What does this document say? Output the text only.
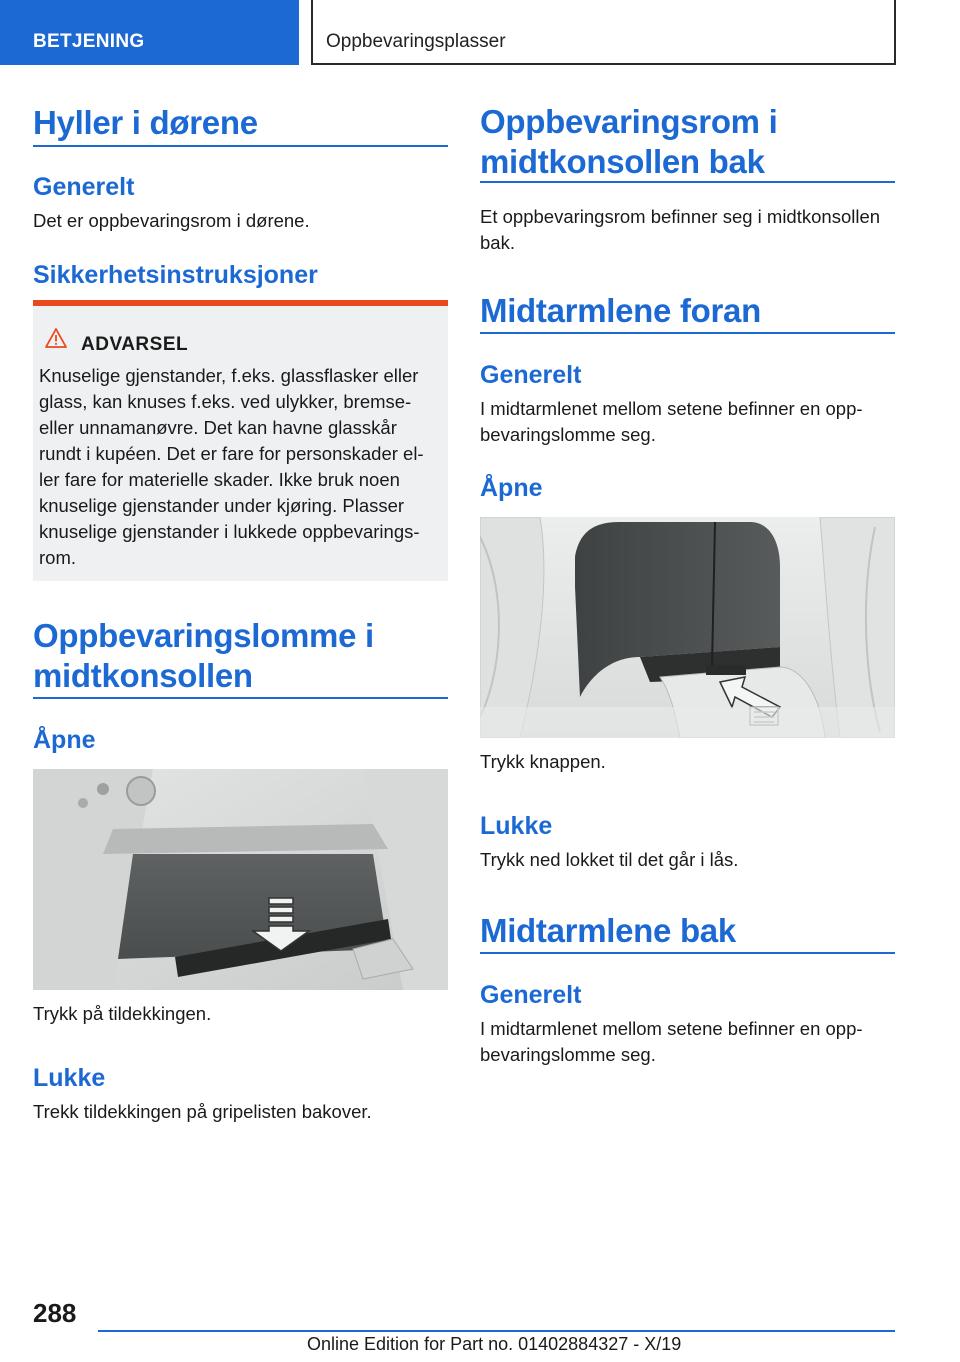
BETJENING	Oppbevaringsplasser
Hyller i dørene
Generelt
Det er oppbevaringsrom i dørene.
Sikkerhetsinstruksjoner
ADVARSEL
Knuselige gjenstander, f.eks. glassflasker eller
glass, kan knuses f.eks. ved ulykker, bremse-
eller unnamanøvre. Det kan havne glasskår
rundt i kupéen. Det er fare for personskader el-
ler fare for materielle skader. Ikke bruk noen
knuselige gjenstander under kjøring. Plasser
knuselige gjenstander i lukkede oppbevarings-
rom.
Oppbevaringslomme i
midtkonsollen
Åpne
Trykk på tildekkingen.
Lukke
Trekk tildekkingen på gripelisten bakover.
Oppbevaringsrom i
midtkonsollen bak
Et oppbevaringsrom befinner seg i midtkonsollen
bak.
Midtarmlene foran
Generelt
I midtarmlenet mellom setene befinner en opp-
bevaringslomme seg.
Åpne
Trykk knappen.
Lukke
Trykk ned lokket til det går i lås.
Midtarmlene bak
Generelt
I midtarmlenet mellom setene befinner en opp-
bevaringslomme seg.
288
Online Edition for Part no. 01402884327 - X/19
